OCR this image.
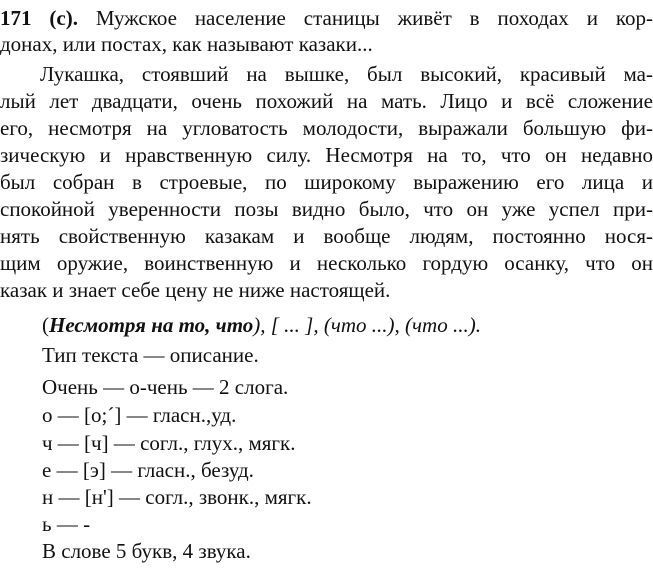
171 (с). Мужское население станицы живёт в походах и кор-
донах, или постах, как называют казаки...
Лукашка, стоявший на вышке, был высокий, красивый ма-
лый лет двадцати, очень похожий на мать. Лицо и всё сложение
его, несмотря на угловатость молодости, выражали большую фи-
зическую и нравственную силу. Несмотря на то, что он недавно
был собран в строевые, по широкому выражению его лица и
спокойной уверенности позы видно было, что он уже успел при-
нять свойственную казакам и вообще людям, постоянно нося-
щим оружие, воинственную и несколько гордую осанку, что он
казак и знает себе цену не ниже настоящей.
(Несмотря на то, что), [ ... ], (что ...), (что ...).
Тип текста — описание.
Очень — о-чень — 2 слога.
о — [о;´] — гласн.,уд.
ч — [ч] — согл., глух., мягк.
е — [э] — гласн., безуд.
н — [н'] — согл., звонк., мягк.
ь — -
В слове 5 букв, 4 звука.
